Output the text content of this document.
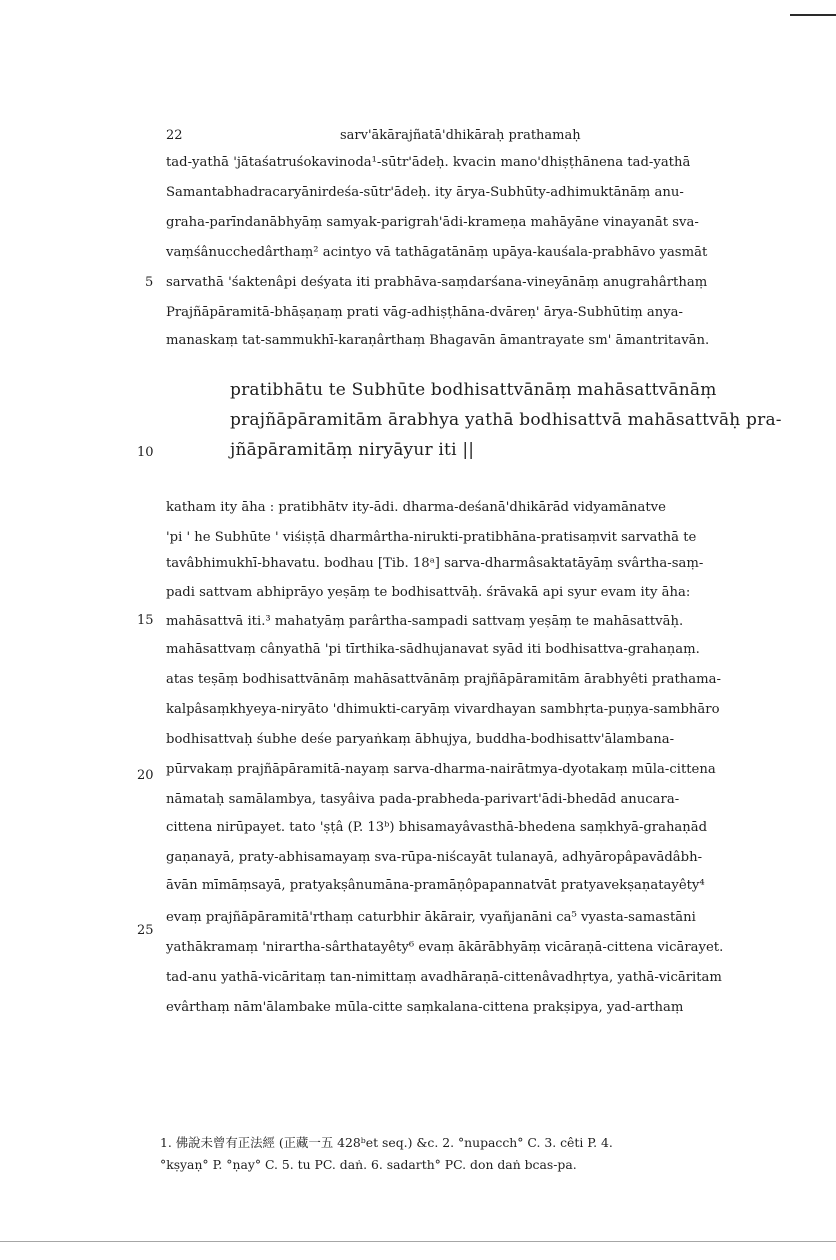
22	sarv'ākārajñatā'dhikāraḥ prathamaḥ
5
10
15
20
25
tad-yathā 'jātaśatruśokavinoda¹-sūtr'ādeḥ. kvacin mano'dhiṣṭhānena tad-yathā
Samantabhadracaryānirdeśa-sūtr'ādeḥ. ity ārya-Subhūty-adhimuktānāṃ anu-
graha-parīndanābhyāṃ samyak-parigrah'ādi-krameṇa mahāyāne vinayanāt sva-
vaṃśânucchedârthaṃ² acintyo vā tathāgatānāṃ upāya-kauśala-prabhāvo yasmāt
sarvathā 'śaktenâpi deśyata iti prabhāva-saṃdarśana-vineyānāṃ anugrahârthaṃ
Prajñāpāramitā-bhāṣaṇaṃ prati vāg-adhiṣṭhāna-dvāreṇ' ārya-Subhūtiṃ anya-
manaskaṃ tat-sammukhī-karaṇârthaṃ Bhagavān āmantrayate sm' āmantritavān.
pratibhātu te Subhūte bodhisattvānāṃ mahāsattvānāṃ
prajñāpāramitām ārabhya yathā bodhisattvā mahāsattvāḥ pra-
jñāpāramitāṃ niryāyur iti ||
katham ity āha : pratibhātv ity-ādi. dharma-deśanā'dhikārād vidyamānatve
'pi ' he Subhūte ' viśiṣṭā dharmârtha-nirukti-pratibhāna-pratisaṃvit sarvathā te
tavâbhimukhī-bhavatu. bodhau [Tib. 18ᵃ] sarva-dharmâsaktatāyāṃ svârtha-saṃ-
padi sattvam abhiprāyo yeṣāṃ te bodhisattvāḥ. śrāvakā api syur evam ity āha:
mahāsattvā iti.³ mahatyāṃ parârtha-sampadi sattvaṃ yeṣāṃ te mahāsattvāḥ.
mahāsattvaṃ cânyathā 'pi tīrthika-sādhujanavat syād iti bodhisattva-grahaṇaṃ.
atas teṣāṃ bodhisattvānāṃ mahāsattvānāṃ prajñāpāramitām ārabhyêti prathama-
kalpâsaṃkhyeya-niryāto 'dhimukti-caryāṃ vivardhayan sambhṛta-puṇya-sambhāro
bodhisattvaḥ śubhe deśe paryaṅkaṃ ābhujya, buddha-bodhisattv'ālambana-
pūrvakaṃ prajñāpāramitā-nayaṃ sarva-dharma-nairātmya-dyotakaṃ mūla-cittena
nāmataḥ samālambya, tasyâiva pada-prabheda-parivart'ādi-bhedād anucara-
cittena nirūpayet. tato 'ṣṭâ (P. 13ᵇ) bhisamayâvasthā-bhedena saṃkhyā-grahaṇād
gaṇanayā, praty-abhisamayaṃ sva-rūpa-niścayāt tulanayā, adhyāropâpavādâbh-
āvān mīmāṃsayā, pratyakṣânumāna-pramāṇôpapannatvāt pratyavekṣaṇatayêty⁴
evaṃ prajñāpāramitā'rthaṃ caturbhir ākārair, vyañjanāni ca⁵ vyasta-samastāni
yathākramaṃ 'nirartha-sârthatayêty⁶ evaṃ ākārābhyāṃ vicāraṇā-cittena vicārayet.
tad-anu yathā-vicāritaṃ tan-nimittaṃ avadhāraṇā-cittenâvadhṛtya, yathā-vicāritam
evârthaṃ nām'ālambake mūla-citte saṃkalana-cittena prakṣipya, yad-arthaṃ
1. 佛說未曾有正法經 (正藏一五 428ᵇet seq.) &c. 2. °nupacch° C. 3. cêti P. 4.
°kṣyaṇ° P. °ṇay° C. 5. tu PC. daṅ. 6. sadarth° PC. don daṅ bcas-pa.
